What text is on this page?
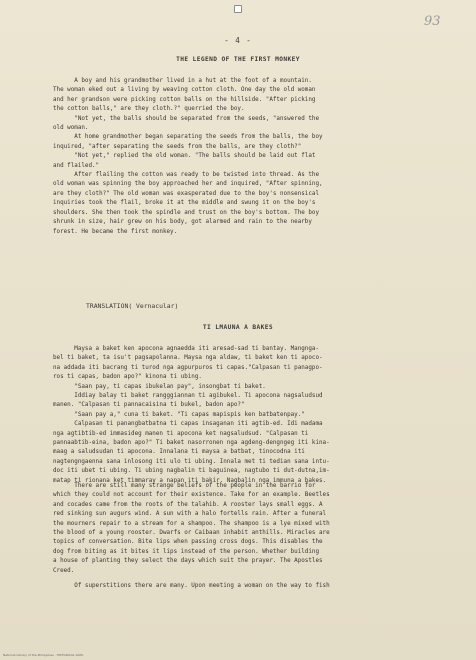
93
- 4 -
THE LEGEND OF THE FIRST MONKEY
A boy and his grandmother lived in a hut at the foot of a mountain.
The woman eked out a living by weaving cotton cloth. One day the old woman
and her grandson were picking cotton balls on the hillside. "After picking
the cotton balls," are they cloth.?" querried the boy.
"Not yet, the balls should be separated from the seeds, "answered the
old woman.
At home grandmother began separating the seeds from the balls, the boy
inquired, "after separating the seeds from the balls, are they cloth?"
"Not yet," replied the old woman. "The balls should be laid out flat
and flailed."
After flailing the cotton was ready to be twisted into thread. As the
old woman was spinning the boy approached her and inquired, "After spinning,
are they cloth?" The old woman was exasperated due to the boy's nonsensical
inquiries took the flail, broke it at the middle and swung it on the boy's
shoulders. She then took the spindle and trust on the boy's bottom. The boy
shrunk in size, hair grew on his body, got alarmed and rain to the nearby
forest. He became the first monkey.
TRANSLATION( Vernacular)
TI LMAUNA A BAKES
Maysa a baket ken apocona agnaedda iti aresad-sad ti bantay. Mangnga-
bel ti baket, ta isu't pagsapolanna. Maysa nga aldaw, ti baket ken ti apoco-
na addada iti bacrang ti turod nga agpurpuros ti capas."Calpasan ti panagpo-
ros ti capas, badon apo?" kinona ti ubing.
"Saan pay, ti capas ibukelan pay", insongbat ti baket.
Iddiay balay ti baket rangggiannan ti agibukel. Ti apocona nagsaludsud
manen. "Calpasan ti pannacaisina ti bukel, badon apo?"
"Saan pay a," cuna ti baket. "Ti capas mapispis ken batbatenpay."
Calpasan ti panangbatbatna ti capas insaganan iti agtib-ed. Idi madama
nga agtibtib-ed immasideg manen ti apocona ket nagsaludsud. "Calpasan ti
pannaabtib-eina, badon apo?" Ti baket nasorronen nga agdeng-dengngeg iti kina-
maag a saludsudan ti apocona. Innalana ti maysa a batbat, tinocodna iti
nagtengngaenna sana inlosong iti ulo ti ubing. Innala met ti tedian sana intu-
doc iti ubet ti ubing. Ti ubing nagbalin ti baguinea, nagtubo ti dut-dutna,im-
matap ti rionana ket timmaray a napan iti bakir. Nagbalin nga immuna a bakes.
There are still many strange beliefs of the people in the barrio for
which they could not account for their existence. Take for an example. Beetles
and cocades came from the roots of the talahib. A rooster lays small eggs. A
red sinking sun augurs wind. A sun with a halo fortells rain. After a funeral
the mourners repair to a stream for a shampoo. The shampoo is a lye mixed with
the blood of a young rooster. Dwarfs or Caibaan inhabit anthills. Miracles are
topics of conversation. Bite lips when passing cross dogs. This disables the
dog from biting as it bites it lips instead of the person. Whether building
a house of planting they select the days which suit the prayer. The Apostles
Creed.
Of superstitions there are many. Upon meeting a woman on the way to fish
National Library of the Philippines · HISTORICAL DATA
